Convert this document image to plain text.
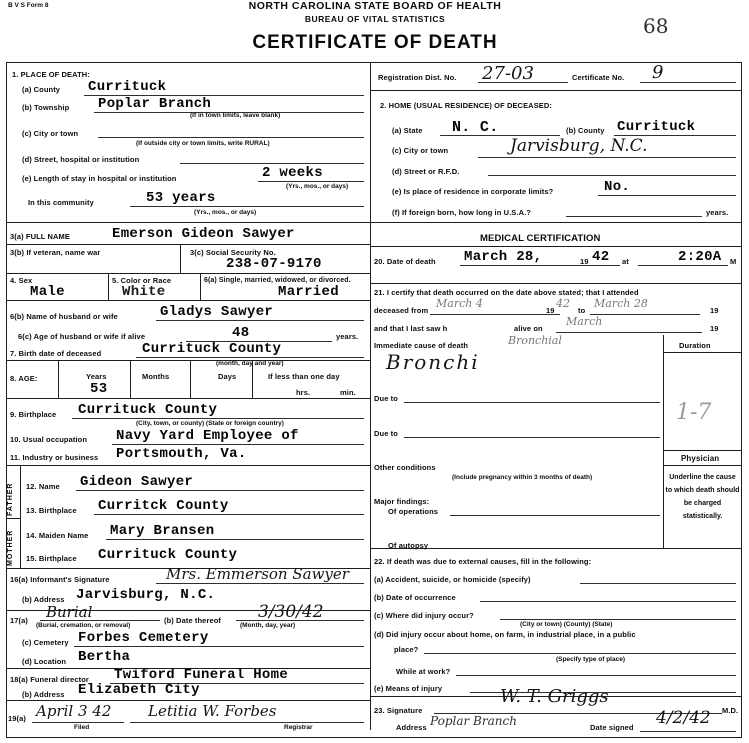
B V S Form 8	NORTH CAROLINA STATE BOARD OF HEALTH
BUREAU OF VITAL STATISTICS
CERTIFICATE OF DEATH
68
1. PLACE OF DEATH:
(a) County Currituck
(b) Township Poplar Branch
(If in town limits, leave blank)
(c) City or town
(If outside city or town limits, write RURAL)
(d) Street, hospital or institution
(e) Length of stay in hospital or institution	2 weeks
(Yrs., mos., or days)
In this community	53 years
(Yrs., mos., or days)
Registration Dist. No. 27-03	Certificate No. 9
2. HOME (USUAL RESIDENCE) OF DECEASED:
(a) State N. C.	(b) County Currituck
(c) City or town	Jarvisburg, N.C.
(d) Street or R.F.D.
(e) Is place of residence in corporate limits?	No.
(f) If foreign born, how long in U.S.A.?	years.
3(a) FULL NAME	Emerson Gideon Sawyer
3(b) If veteran, name war	3(c) Social Security No.
238-07-9170
4. Sex
Male
5. Color or Race
White
6(a) Single, married, widowed, or divorced.
Married
6(b) Name of husband or wife	Gladys Sawyer
6(c) Age of husband or wife if alive	48	years.
7. Birth date of deceased	Currituck County
(month, day and year)
8. AGE:	Years	Months	Days	If less than one day
53	hrs.	min.
9. Birthplace Currituck County
(City, town, or county) (State or foreign country)
10. Usual occupation Navy Yard Employee of
11. Industry or business Portsmouth, Va.
FATHER
MOTHER
12. Name Gideon Sawyer
13. Birthplace Curritck County
14. Maiden Name Mary Bransen
15. Birthplace Currituck County
16(a) Informant's Signature	Mrs. Emmerson Sawyer
(b) Address Jarvisburg, N.C.
17(a) Burial
(Burial, cremation, or removal)
(b) Date thereof 3/30/42
(Month, day, year)
(c) Cemetery Forbes Cemetery
(d) Location Bertha
18(a) Funeral director Twiford Funeral Home
(b) Address Elizabeth City
19(a) April 3 42
Filed
Letitia W. Forbes
Registrar
MEDICAL CERTIFICATION
20. Date of death March 28,	19 42 at	2:20A M
21. I certify that death occurred on the date above stated; that I attended
deceased from
March 4
19
42
to
March 28
19
and that I last saw h	alive on
March
19
Immediate cause of death	Bronchial
Bronchi
Duration
1-7
Due to
Due to
Other conditions
(Include pregnancy within 3 months of death)
Physician
Underline the cause to which death should be charged statistically.
Major findings:
Of operations
Of autopsy
22. If death was due to external causes, fill in the following:
(a) Accident, suicide, or homicide (specify)
(b) Date of occurrence
(c) Where did injury occur?
(City or town) (County) (State)
(d) Did injury occur about home, on farm, in industrial place, in a public
place?
(Specify type of place)
While at work?
(e) Means of injury
23. Signature
W. T. Griggs
M.D.
Address Poplar Branch	Date signed 4/2/42
